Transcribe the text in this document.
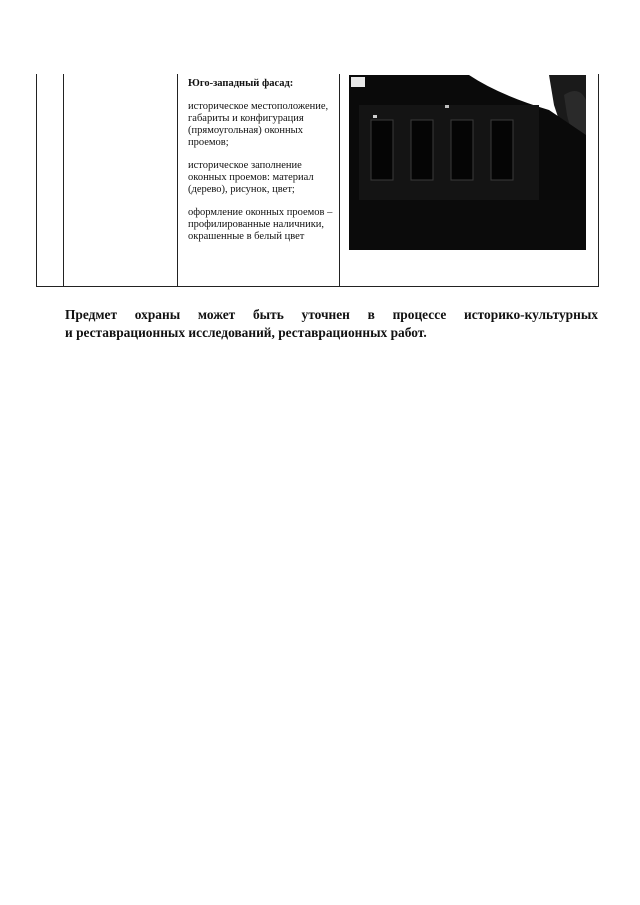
Юго-западный фасад:

историческое местоположение, габариты и конфигурация (прямоугольная) оконных проемов;

историческое заполнение оконных проемов: материал (дерево), рисунок, цвет;

оформление оконных проемов – профилированные наличники, окрашенные в белый цвет

Предмет охраны может быть уточнен в процессе историко-культурных
и реставрационных исследований, реставрационных работ.
